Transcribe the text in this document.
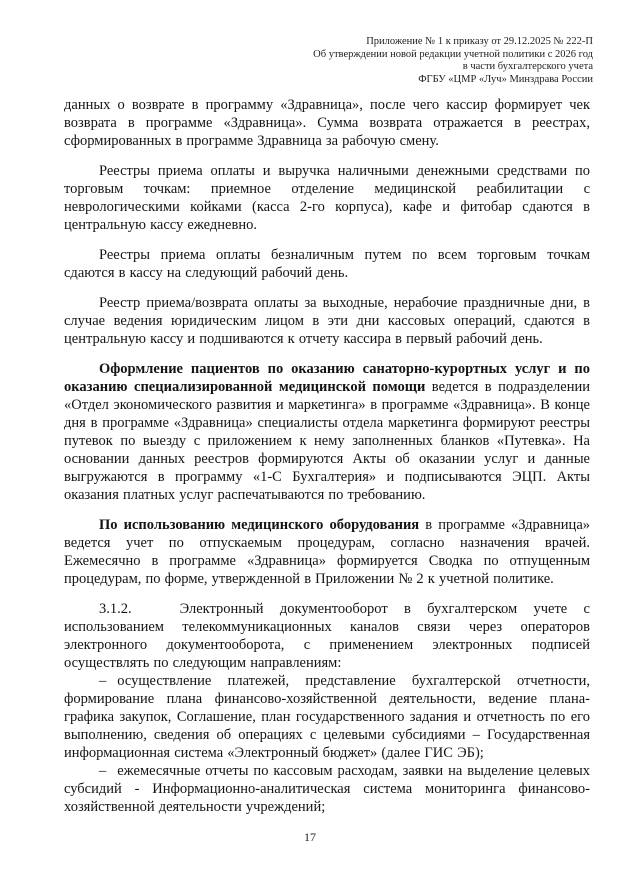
Приложение № 1 к приказу от 29.12.2025 № 222-П
Об утверждении новой редакции учетной политики с 2026 год
в части бухгалтерского учета
ФГБУ «ЦМР «Луч» Минздрава России

данных о возврате в программу «Здравница», после чего кассир формирует чек возврата в программе «Здравница». Сумма возврата отражается в реестрах, сформированных в программе Здравница за рабочую смену.

Реестры приема оплаты и выручка наличными денежными средствами по торговым точкам: приемное отделение медицинской реабилитации с неврологическими койками (касса 2-го корпуса), кафе и фитобар сдаются в центральную кассу ежедневно.

Реестры приема оплаты безналичным путем по всем торговым точкам сдаются в кассу на следующий рабочий день.

Реестр приема/возврата оплаты за выходные, нерабочие праздничные дни, в случае ведения юридическим лицом в эти дни кассовых операций, сдаются в центральную кассу и подшиваются к отчету кассира в первый рабочий день.

Оформление пациентов по оказанию санаторно-курортных услуг и по оказанию специализированной медицинской помощи ведется в подразделении «Отдел экономического развития и маркетинга» в программе «Здравница». В конце дня в программе «Здравница» специалисты отдела маркетинга формируют реестры путевок по выезду с приложением к нему заполненных бланков «Путевка». На основании данных реестров формируются Акты об оказании услуг и данные выгружаются в программу «1-С Бухгалтерия» и подписываются ЭЦП. Акты оказания платных услуг распечатываются по требованию.

По использованию медицинского оборудования в программе «Здравница» ведется учет по отпускаемым процедурам, согласно назначения врачей. Ежемесячно в программе «Здравница» формируется Сводка по отпущенным процедурам, по форме, утвержденной в Приложении № 2 к учетной политике.

3.1.2.	Электронный документооборот в бухгалтерском учете с использованием телекоммуникационных каналов связи через операторов электронного документооборота, с применением электронных подписей осуществлять по следующим направлениям:

– осуществление платежей, представление бухгалтерской отчетности, формирование плана финансово-хозяйственной деятельности, ведение плана-графика закупок, Соглашение, план государственного задания и отчетность по его выполнению, сведения об операциях с целевыми субсидиями – Государственная информационная система «Электронный бюджет» (далее ГИС ЭБ);

– ежемесячные отчеты по кассовым расходам, заявки на выделение целевых субсидий - Информационно-аналитическая система мониторинга финансово-хозяйственной деятельности учреждений;

17
